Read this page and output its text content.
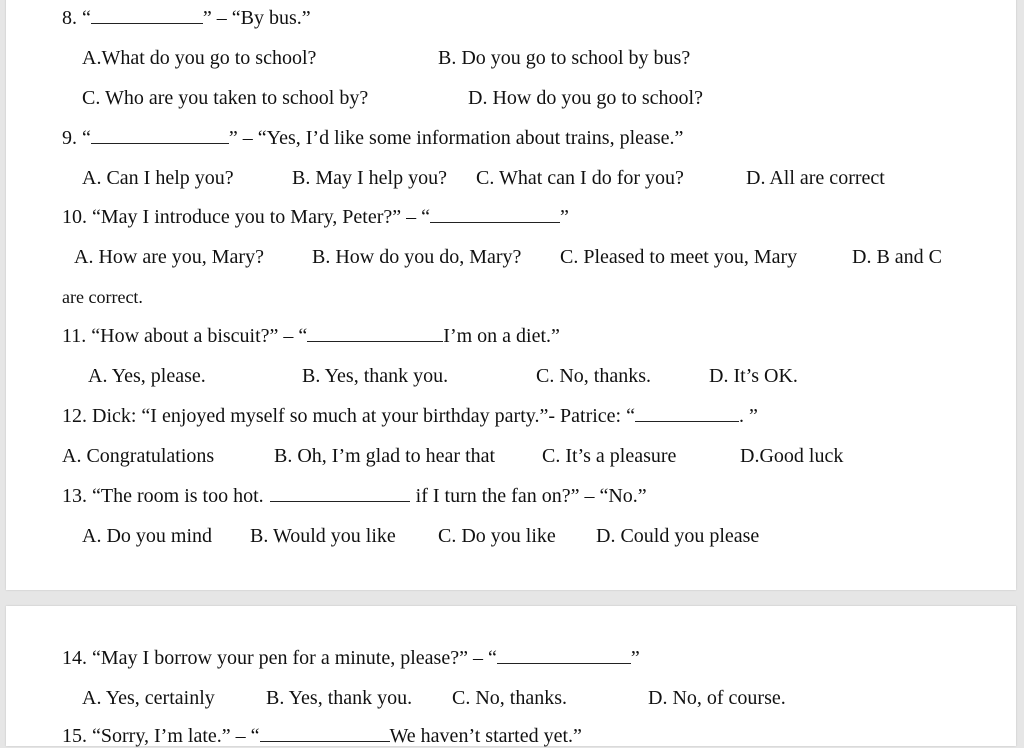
8. “	” – “By bus.”
A.What do you go to school?	B. Do you go to school by bus?
C. Who are you taken to school by?	D. How do you go to school?
9. “	” – “Yes, I’d like some information about trains, please.”
A. Can I help you?	B. May I help you? C. What can I do for you?	D. All are correct
10. “May I introduce you to Mary, Peter?” – “	”
A. How are you, Mary? B. How do you do, Mary? C. Pleased to meet you, Mary	D. B and C
are correct.
11. “How about a biscuit?” – “	I’m on a diet.”
A. Yes, please.	B. Yes, thank you.	C. No, thanks.	D. It’s OK.
12. Dick: “I enjoyed myself so much at your birthday party.”- Patrice: “	. ”
A. Congratulations	B. Oh, I’m glad to hear that C. It’s a pleasure	D.Good luck
13. “The room is too hot.	if I turn the fan on?” – “No.”
A. Do you mind B. Would you like C. Do you like D. Could you please
14. “May I borrow your pen for a minute, please?” – “	”
A. Yes, certainly	B. Yes, thank you. C. No, thanks.	D. No, of course.
15. “Sorry, I’m late.” – “	We haven’t started yet.”
